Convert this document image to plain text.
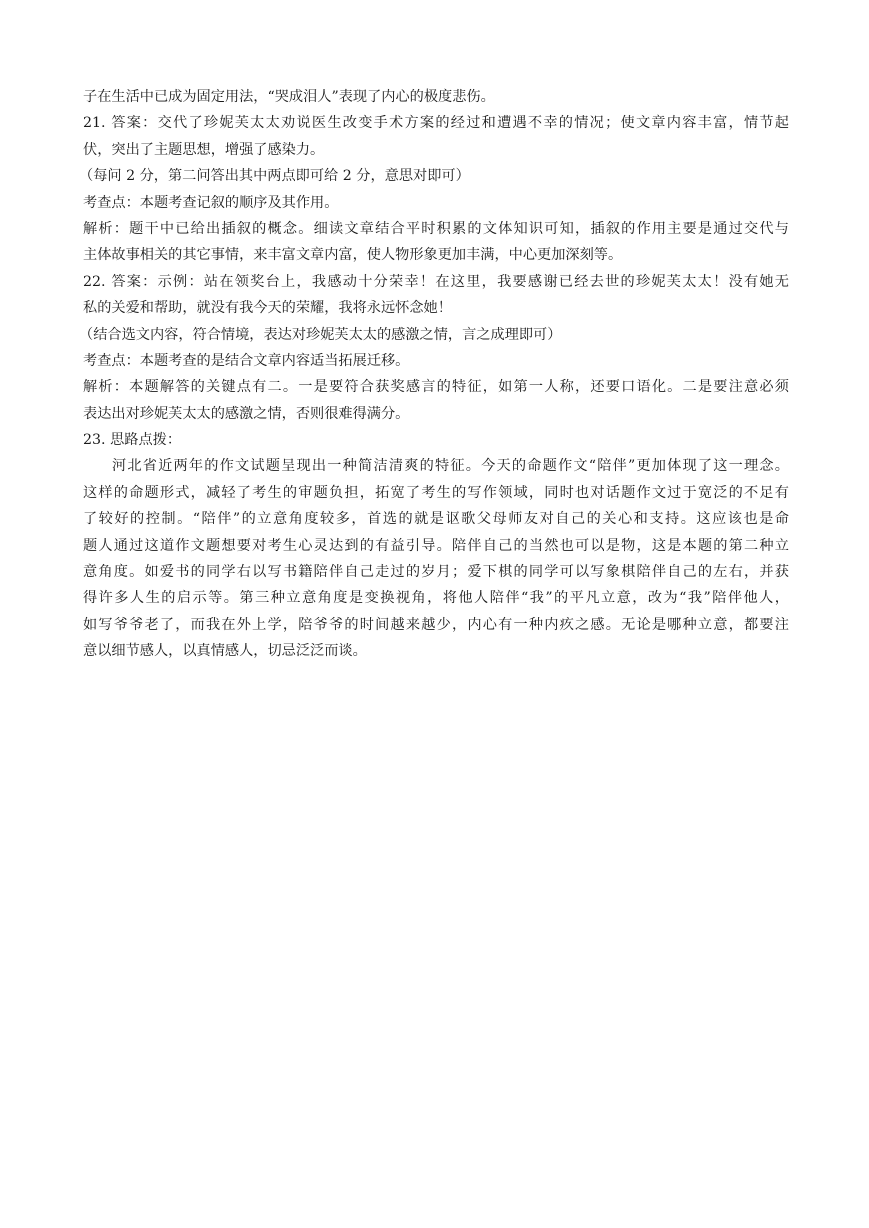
子在生活中已成为固定用法，“哭成泪人”表现了内心的极度悲伤。

21. 答案：交代了珍妮芙太太劝说医生改变手术方案的经过和遭遇不幸的情况；使文章内容丰富，情节起

伏，突出了主题思想，增强了感染力。

（每问 2 分，第二问答出其中两点即可给 2 分，意思对即可）

考查点：本题考查记叙的顺序及其作用。

解析：题干中已给出插叙的概念。细读文章结合平时积累的文体知识可知，插叙的作用主要是通过交代与

主体故事相关的其它事情，来丰富文章内富，使人物形象更加丰满，中心更加深刻等。

22. 答案：示例：站在领奖台上，我感动十分荣幸！在这里，我要感谢已经去世的珍妮芙太太！没有她无

私的关爱和帮助，就没有我今天的荣耀，我将永远怀念她！

（结合选文内容，符合情境，表达对珍妮芙太太的感激之情，言之成理即可）

考查点：本题考查的是结合文章内容适当拓展迁移。

解析：本题解答的关键点有二。一是要符合获奖感言的特征，如第一人称，还要口语化。二是要注意必须

表达出对珍妮芙太太的感激之情，否则很难得满分。

23. 思路点拨：

河北省近两年的作文试题呈现出一种简洁清爽的特征。今天的命题作文“陪伴”更加体现了这一理念。

这样的命题形式，减轻了考生的审题负担，拓宽了考生的写作领域，同时也对话题作文过于宽泛的不足有

了较好的控制。“陪伴”的立意角度较多，首选的就是讴歌父母师友对自己的关心和支持。这应该也是命

题人通过这道作文题想要对考生心灵达到的有益引导。陪伴自己的当然也可以是物，这是本题的第二种立

意角度。如爱书的同学右以写书籍陪伴自己走过的岁月；爱下棋的同学可以写象棋陪伴自己的左右，并获

得许多人生的启示等。第三种立意角度是变换视角，将他人陪伴“我”的平凡立意，改为“我”陪伴他人，

如写爷爷老了，而我在外上学，陪爷爷的时间越来越少，内心有一种内疚之感。无论是哪种立意，都要注

意以细节感人，以真情感人，切忌泛泛而谈。
